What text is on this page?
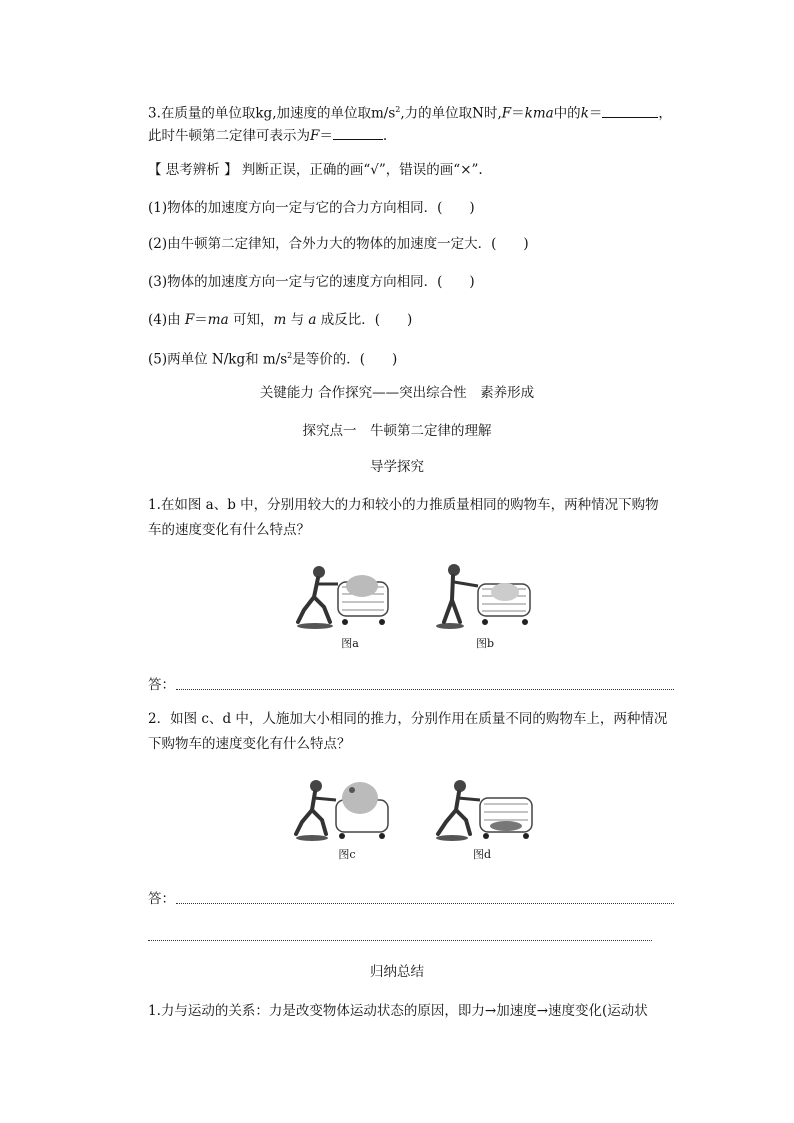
3.在质量的单位取kg,加速度的单位取$m/s^2$,力的单位取N时,F＝kma中的k＝	，
此时牛顿第二定律可表示为F＝	.
【 思考辨析 】 判断正误，正确的画“√”，错误的画“×”.
(1)物体的加速度方向一定与它的合力方向相同．(　　)
(2)由牛顿第二定律知，合外力大的物体的加速度一定大．(　　)
(3)物体的加速度方向一定与它的速度方向相同．(　　)
(4)由 F＝ma 可知，m 与 a 成反比．(　　)
(5)两单位 N/kg和 $m/s^2$是等价的．(　　)
关键能力 合作探究——突出综合性　素养形成
探究点一　牛顿第二定律的理解
导学探究
1.在如图 a、b 中，分别用较大的力和较小的力推质量相同的购物车，两种情况下购物
车的速度变化有什么特点？
图a	图b
答：
2．如图 c、d 中，人施加大小相同的推力，分别作用在质量不同的购物车上，两种情况
下购物车的速度变化有什么特点？
图c	图d
答：
归纳总结
1.力与运动的关系：力是改变物体运动状态的原因，即力→加速度→速度变化(运动状
